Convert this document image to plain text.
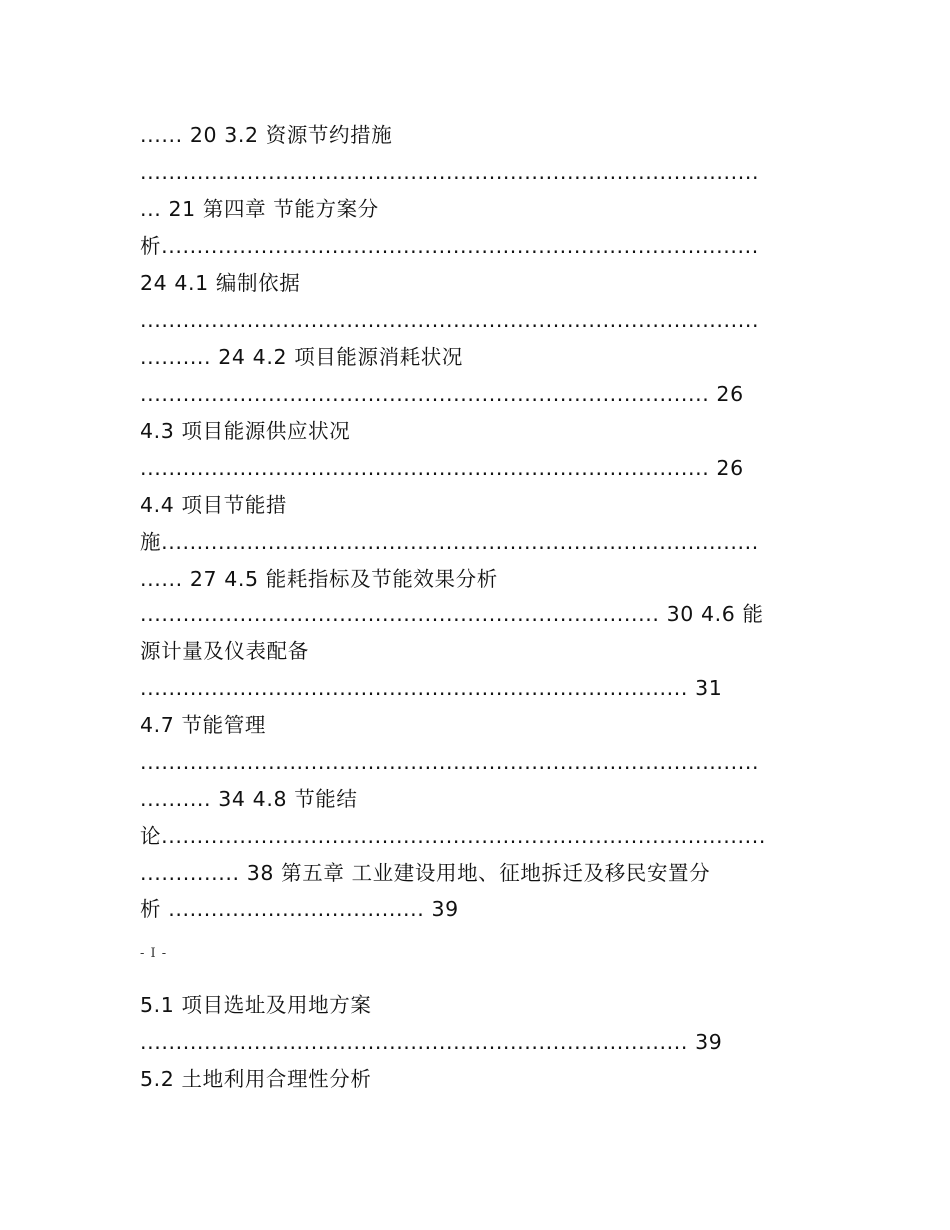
...... 20 3.2 资源节约措施
.......................................................................................
... 21 第四章 节能方案分
析....................................................................................
24 4.1 编制依据
.......................................................................................
.......... 24 4.2 项目能源消耗状况
................................................................................ 26
4.3 项目能源供应状况
................................................................................ 26
4.4 项目节能措
施....................................................................................
...... 27 4.5 能耗指标及节能效果分析
......................................................................... 30 4.6 能
源计量及仪表配备
............................................................................. 31
4.7 节能管理
.......................................................................................
.......... 34 4.8 节能结
论.....................................................................................
.............. 38 第五章 工业建设用地、征地拆迁及移民安置分
析 .................................... 39
- I -
5.1 项目选址及用地方案
............................................................................. 39
5.2 土地利用合理性分析
